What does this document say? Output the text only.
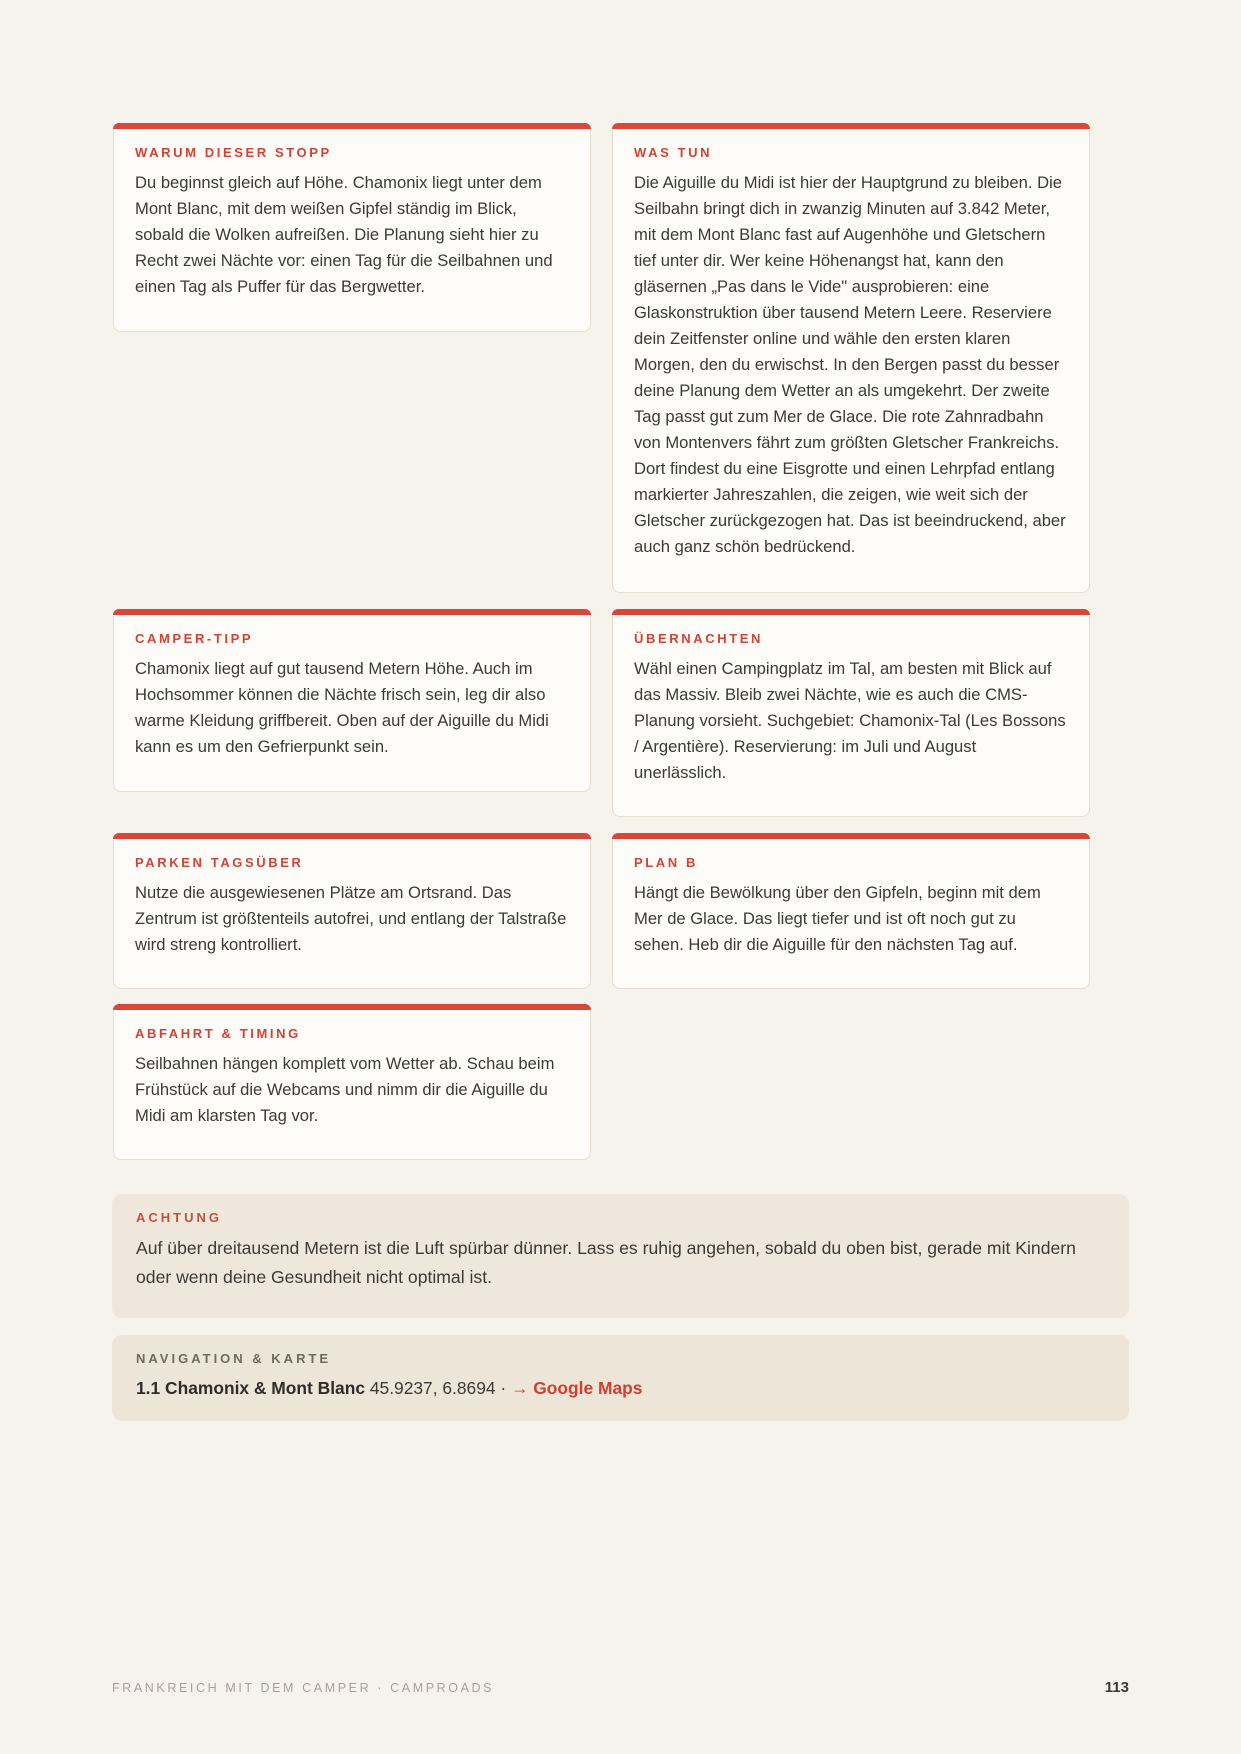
WARUM DIESER STOPP

Du beginnst gleich auf Höhe. Chamonix liegt unter dem Mont Blanc, mit dem weißen Gipfel ständig im Blick, sobald die Wolken aufreißen. Die Planung sieht hier zu Recht zwei Nächte vor: einen Tag für die Seilbahnen und einen Tag als Puffer für das Bergwetter.

CAMPER-TIPP

Chamonix liegt auf gut tausend Metern Höhe. Auch im Hochsommer können die Nächte frisch sein, leg dir also warme Kleidung griffbereit. Oben auf der Aiguille du Midi kann es um den Gefrierpunkt sein.

PARKEN TAGSÜBER

Nutze die ausgewiesenen Plätze am Ortsrand. Das Zentrum ist größtenteils autofrei, und entlang der Talstraße wird streng kontrolliert.

ABFAHRT & TIMING

Seilbahnen hängen komplett vom Wetter ab. Schau beim Frühstück auf die Webcams und nimm dir die Aiguille du Midi am klarsten Tag vor.

WAS TUN

Die Aiguille du Midi ist hier der Hauptgrund zu bleiben. Die Seilbahn bringt dich in zwanzig Minuten auf 3.842 Meter, mit dem Mont Blanc fast auf Augenhöhe und Gletschern tief unter dir. Wer keine Höhenangst hat, kann den gläsernen „Pas dans le Vide" ausprobieren: eine Glaskonstruktion über tausend Metern Leere. Reserviere dein Zeitfenster online und wähle den ersten klaren Morgen, den du erwischst. In den Bergen passt du besser deine Planung dem Wetter an als umgekehrt. Der zweite Tag passt gut zum Mer de Glace. Die rote Zahnradbahn von Montenvers fährt zum größten Gletscher Frankreichs. Dort findest du eine Eisgrotte und einen Lehrpfad entlang markierter Jahreszahlen, die zeigen, wie weit sich der Gletscher zurückgezogen hat. Das ist beeindruckend, aber auch ganz schön bedrückend.

ÜBERNACHTEN

Wähl einen Campingplatz im Tal, am besten mit Blick auf das Massiv. Bleib zwei Nächte, wie es auch die CMS-Planung vorsieht. Suchgebiet: Chamonix-Tal (Les Bossons / Argentière). Reservierung: im Juli und August unerlässlich.

PLAN B

Hängt die Bewölkung über den Gipfeln, beginn mit dem Mer de Glace. Das liegt tiefer und ist oft noch gut zu sehen. Heb dir die Aiguille für den nächsten Tag auf.

ACHTUNG

Auf über dreitausend Metern ist die Luft spürbar dünner. Lass es ruhig angehen, sobald du oben bist, gerade mit Kindern oder wenn deine Gesundheit nicht optimal ist.

NAVIGATION & KARTE
1.1 Chamonix & Mont Blanc 45.9237, 6.8694 · → Google Maps
FRANKREICH MIT DEM CAMPER · CAMPROADS	113
